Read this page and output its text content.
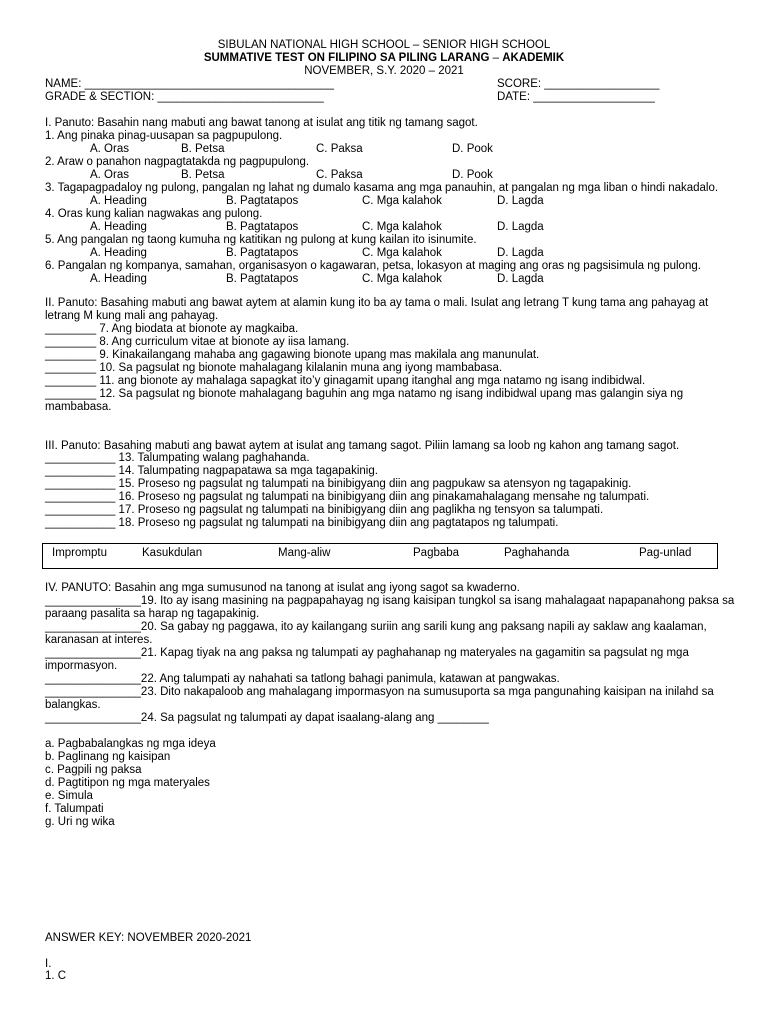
SIBULAN NATIONAL HIGH SCHOOL – SENIOR HIGH SCHOOL
SUMMATIVE TEST ON FILIPINO SA PILING LARANG – AKADEMIK
NOVEMBER, S.Y. 2020 – 2021
NAME: _______________________________________	SCORE: __________________
GRADE & SECTION: __________________________	DATE: ___________________
I. Panuto: Basahin nang mabuti ang bawat tanong at isulat ang titik ng tamang sagot.
1. Ang pinaka pinag-uusapan sa pagpupulong.
A. Oras	B. Petsa	C. Paksa	D. Pook
2. Araw o panahon nagpagtatakda ng pagpupulong.
A. Oras	B. Petsa	C. Paksa	D. Pook
3. Tagapagpadaloy ng pulong, pangalan ng lahat ng dumalo kasama ang mga panauhin, at pangalan ng mga liban o hindi nakadalo.
A. Heading	B. Pagtatapos	C. Mga kalahok	D. Lagda
4. Oras kung kalian nagwakas ang pulong.
A. Heading	B. Pagtatapos	C. Mga kalahok	D. Lagda
5. Ang pangalan ng taong kumuha ng katitikan ng pulong at kung kailan ito isinumite.
A. Heading	B. Pagtatapos	C. Mga kalahok	D. Lagda
6. Pangalan ng kompanya, samahan, organisasyon o kagawaran, petsa, lokasyon at maging ang oras ng pagsisimula ng pulong.
A. Heading	B. Pagtatapos	C. Mga kalahok	D. Lagda
II. Panuto: Basahing mabuti ang bawat aytem at alamin kung ito ba ay tama o mali. Isulat ang letrang T kung tama ang pahayag at
letrang M kung mali ang pahayag.
________ 7. Ang biodata at bionote ay magkaiba.
________ 8. Ang curriculum vitae at bionote ay iisa lamang.
________ 9. Kinakailangang mahaba ang gagawing bionote upang mas makilala ang manunulat.
________ 10. Sa pagsulat ng bionote mahalagang kilalanin muna ang iyong mambabasa.
________ 11. ang bionote ay mahalaga sapagkat ito’y ginagamit upang itanghal ang mga natamo ng isang indibidwal.
________ 12. Sa pagsulat ng bionote mahalagang baguhin ang mga natamo ng isang indibidwal upang mas galangin siya ng
mambabasa.
III. Panuto: Basahing mabuti ang bawat aytem at isulat ang tamang sagot. Piliin lamang sa loob ng kahon ang tamang sagot.
___________ 13. Talumpating walang paghahanda.
___________ 14. Talumpating nagpapatawa sa mga tagapakinig.
___________ 15. Proseso ng pagsulat ng talumpati na binibigyang diin ang pagpukaw sa atensyon ng tagapakinig.
___________ 16. Proseso ng pagsulat ng talumpati na binibigyang diin ang pinakamahalagang mensahe ng talumpati.
___________ 17. Proseso ng pagsulat ng talumpati na binibigyang diin ang paglikha ng tensyon sa talumpati.
___________ 18. Proseso ng pagsulat ng talumpati na binibigyang diin ang pagtatapos ng talumpati.
Impromptu	Kasukdulan	Mang-aliw	Pagbaba	Paghahanda	Pag-unlad
IV. PANUTO: Basahin ang mga sumusunod na tanong at isulat ang iyong sagot sa kwaderno.
_______________19. Ito ay isang masining na pagpapahayag ng isang kaisipan tungkol sa isang mahalagaat napapanahong paksa sa
paraang pasalita sa harap ng tagapakinig.
_______________20. Sa gabay ng paggawa, ito ay kailangang suriin ang sarili kung ang paksang napili ay saklaw ang kaalaman,
karanasan at interes.
_______________21. Kapag tiyak na ang paksa ng talumpati ay paghahanap ng materyales na gagamitin sa pagsulat ng mga
impormasyon.
_______________22. Ang talumpati ay nahahati sa tatlong bahagi panimula, katawan at pangwakas.
_______________23. Dito nakapaloob ang mahalagang impormasyon na sumusuporta sa mga pangunahing kaisipan na inilahd sa
balangkas.
_______________24. Sa pagsulat ng talumpati ay dapat isaalang-alang ang ________
a. Pagbabalangkas ng mga ideya
b. Paglinang ng kaisipan
c. Pagpili ng paksa
d. Pagtitipon ng mga materyales
e. Simula
f. Talumpati
g. Uri ng wika
ANSWER KEY: NOVEMBER 2020-2021
I.
1. C
